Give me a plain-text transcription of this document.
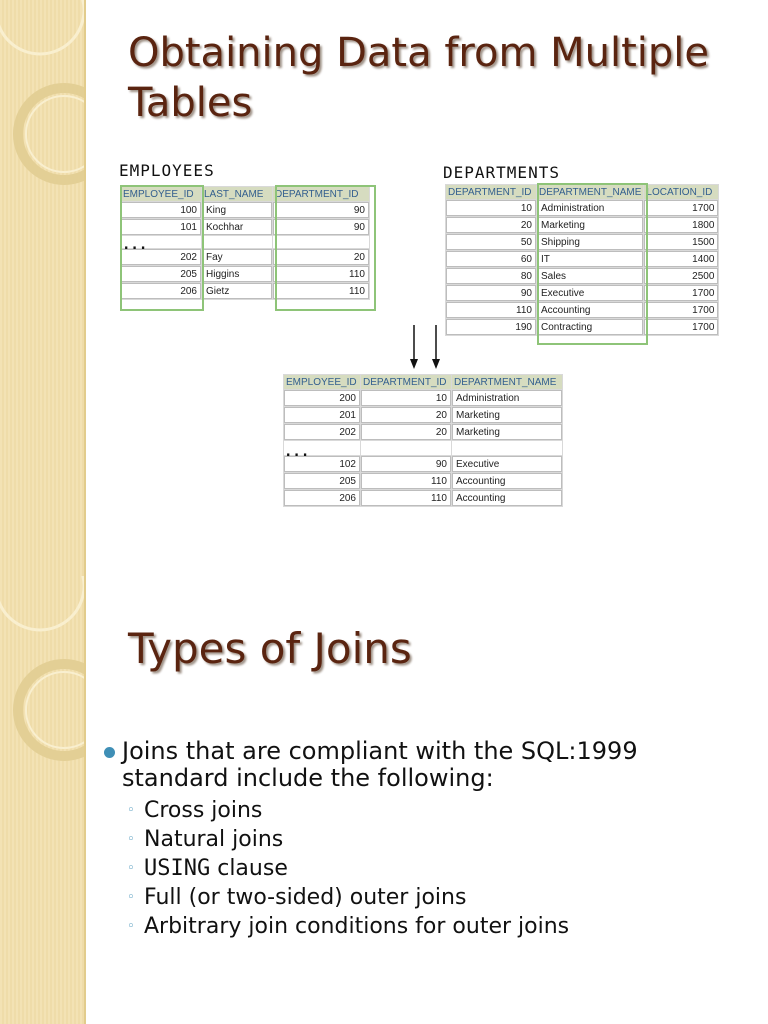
Obtaining Data from Multiple Tables
EMPLOYEES
EMPLOYEE_ID	LAST_NAME	DEPARTMENT_ID
100	King	90
101	Kochhar	90

202	Fay	20
205	Higgins	110
206	Gietz	110
...
DEPARTMENTS
DEPARTMENT_ID	DEPARTMENT_NAME	LOCATION_ID
10	Administration	1700
20	Marketing	1800
50	Shipping	1500
60	IT	1400
80	Sales	2500
90	Executive	1700
110	Accounting	1700
190	Contracting	1700
EMPLOYEE_ID	DEPARTMENT_ID	DEPARTMENT_NAME
200	10	Administration
201	20	Marketing
202	20	Marketing

102	90	Executive
205	110	Accounting
206	110	Accounting
...
Types of Joins
Joins that are compliant with the SQL:1999 standard include the following:
◦ Cross joins
◦ Natural joins
◦ USING clause
◦ Full (or two-sided) outer joins
◦ Arbitrary join conditions for outer joins
